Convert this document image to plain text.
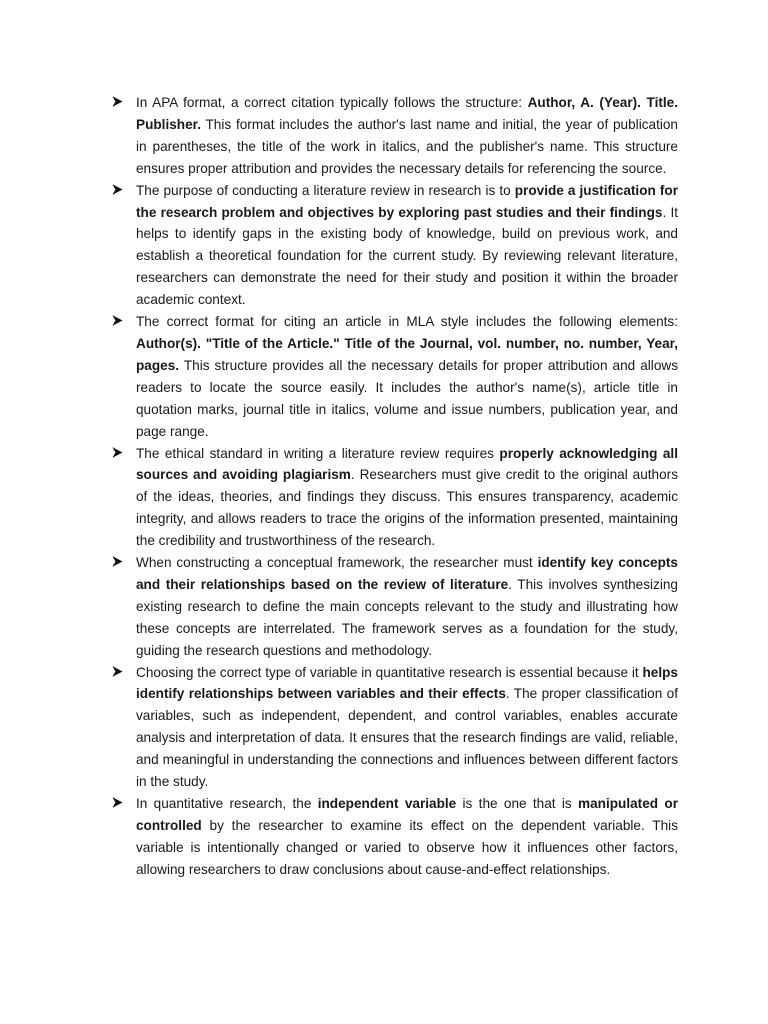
In APA format, a correct citation typically follows the structure: Author, A. (Year). Title. Publisher. This format includes the author's last name and initial, the year of publication in parentheses, the title of the work in italics, and the publisher's name. This structure ensures proper attribution and provides the necessary details for referencing the source.
The purpose of conducting a literature review in research is to provide a justification for the research problem and objectives by exploring past studies and their findings. It helps to identify gaps in the existing body of knowledge, build on previous work, and establish a theoretical foundation for the current study. By reviewing relevant literature, researchers can demonstrate the need for their study and position it within the broader academic context.
The correct format for citing an article in MLA style includes the following elements: Author(s). "Title of the Article." Title of the Journal, vol. number, no. number, Year, pages. This structure provides all the necessary details for proper attribution and allows readers to locate the source easily. It includes the author's name(s), article title in quotation marks, journal title in italics, volume and issue numbers, publication year, and page range.
The ethical standard in writing a literature review requires properly acknowledging all sources and avoiding plagiarism. Researchers must give credit to the original authors of the ideas, theories, and findings they discuss. This ensures transparency, academic integrity, and allows readers to trace the origins of the information presented, maintaining the credibility and trustworthiness of the research.
When constructing a conceptual framework, the researcher must identify key concepts and their relationships based on the review of literature. This involves synthesizing existing research to define the main concepts relevant to the study and illustrating how these concepts are interrelated. The framework serves as a foundation for the study, guiding the research questions and methodology.
Choosing the correct type of variable in quantitative research is essential because it helps identify relationships between variables and their effects. The proper classification of variables, such as independent, dependent, and control variables, enables accurate analysis and interpretation of data. It ensures that the research findings are valid, reliable, and meaningful in understanding the connections and influences between different factors in the study.
In quantitative research, the independent variable is the one that is manipulated or controlled by the researcher to examine its effect on the dependent variable. This variable is intentionally changed or varied to observe how it influences other factors, allowing researchers to draw conclusions about cause-and-effect relationships.
